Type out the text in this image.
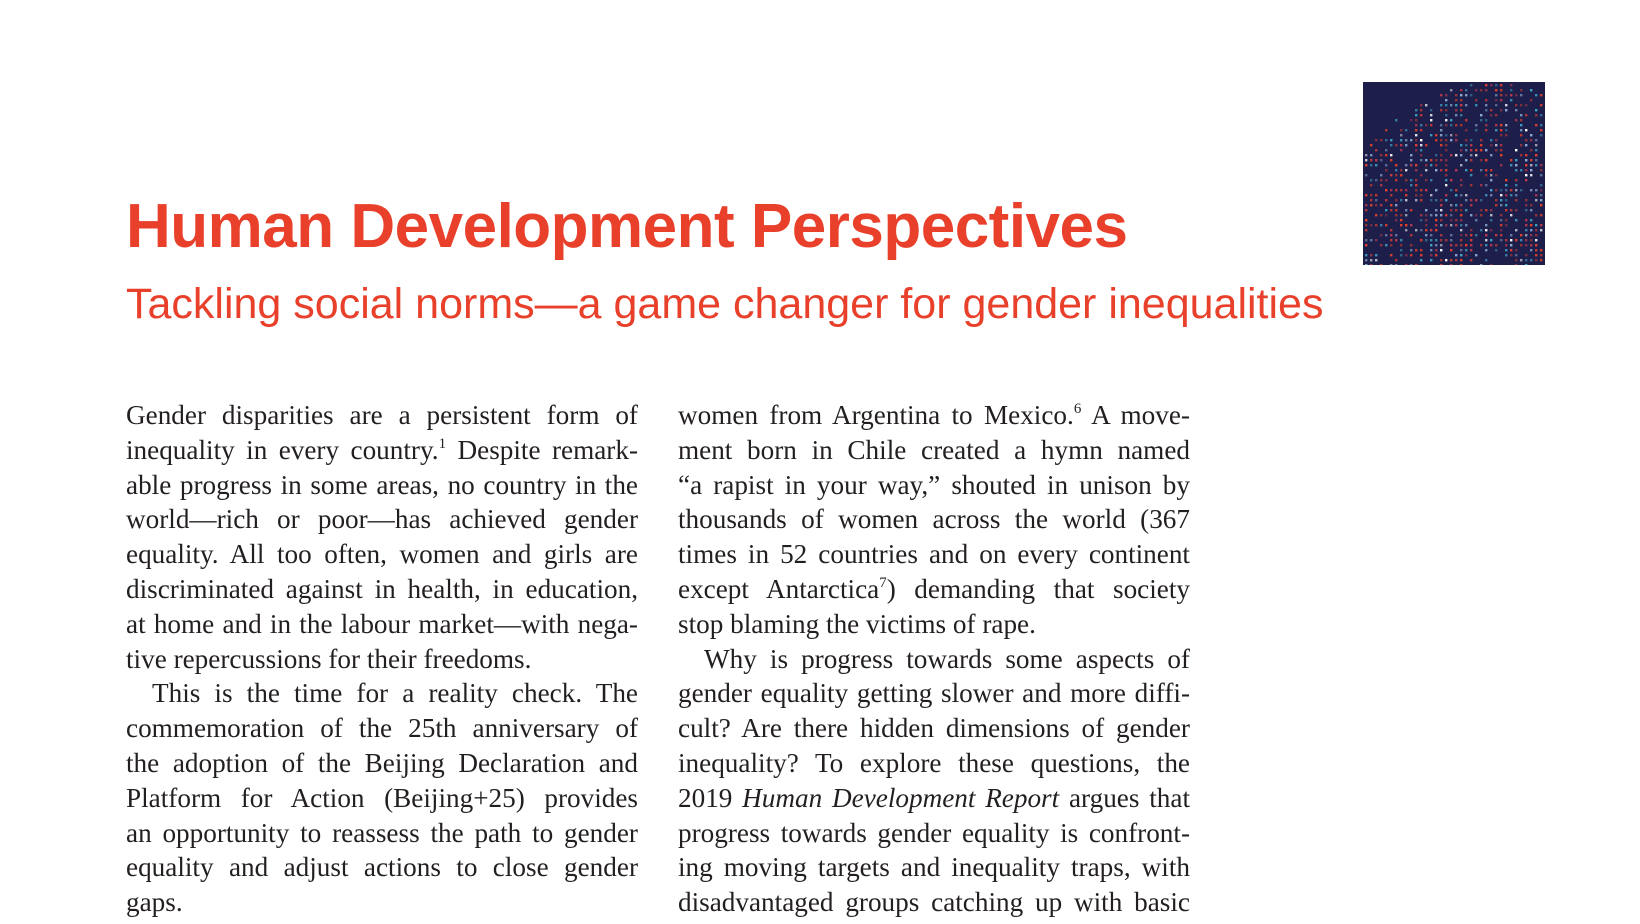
Human Development Perspectives
Tackling social norms—a game changer for gender inequalities
Gender disparities are a persistent form of
inequality in every country.$^1$ Despite remark-
able progress in some areas, no country in the
world—rich or poor—has achieved gender
equality. All too often, women and girls are
discriminated against in health, in education,
at home and in the labour market—with nega-
tive repercussions for their freedoms.
This is the time for a reality check. The
commemoration of the 25th anniversary of
the adoption of the Beijing Declaration and
Platform for Action (Beijing+25) provides
an opportunity to reassess the path to gender
equality and adjust actions to close gender
gaps.
women from Argentina to Mexico.$^6$ A move-
ment born in Chile created a hymn named
“a rapist in your way,” shouted in unison by
thousands of women across the world (367
times in 52 countries and on every continent
except Antarctica$^7$) demanding that society
stop blaming the victims of rape.
Why is progress towards some aspects of
gender equality getting slower and more diffi-
cult? Are there hidden dimensions of gender
inequality? To explore these questions, the
2019 Human Development Report argues that
progress towards gender equality is confront-
ing moving targets and inequality traps, with
disadvantaged groups catching up with basic
